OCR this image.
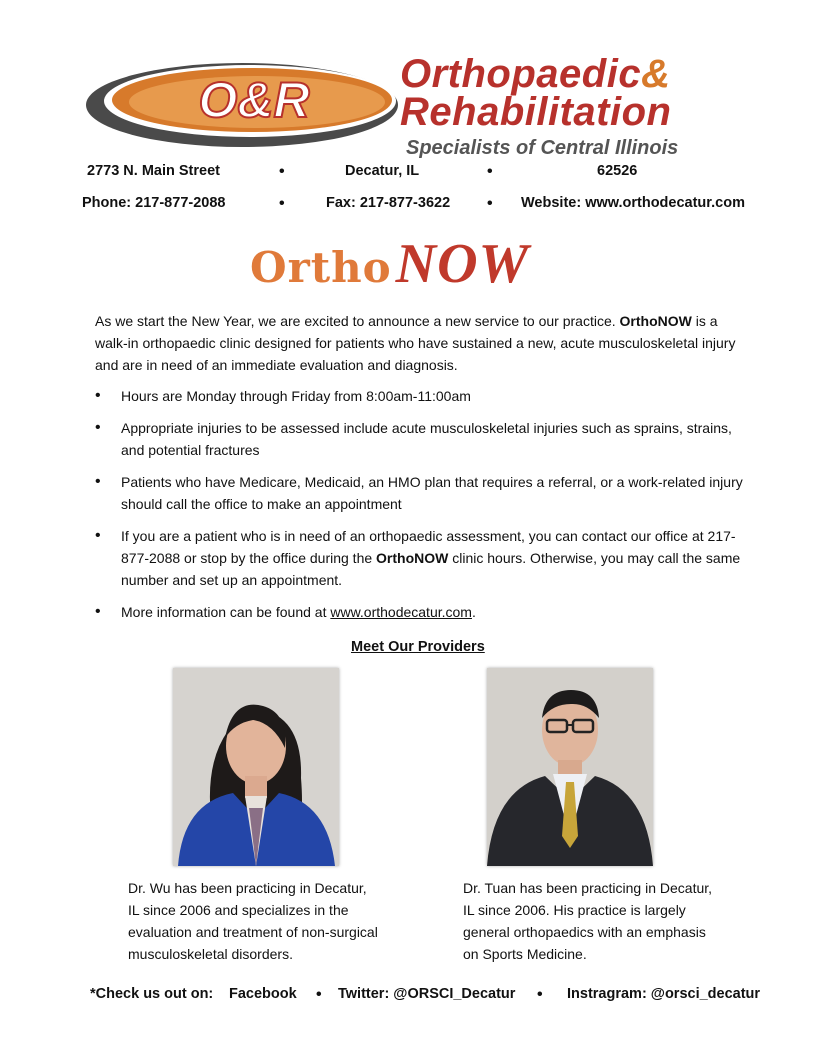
O&R Orthopaedic&
Rehabilitation
Specialists of Central Illinois
2773 N. Main Street	•	Decatur, IL	•	62526
Phone: 217-877-2088	•	Fax: 217-877-3622 • Website: www.orthodecatur.com
OrthoNOW
As we start the New Year, we are excited to announce a new service to our practice. OrthoNOW is a walk-in orthopaedic clinic designed for patients who have sustained a new, acute musculoskeletal injury and are in need of an immediate evaluation and diagnosis.
• Hours are Monday through Friday from 8:00am-11:00am
• Appropriate injuries to be assessed include acute musculoskeletal injuries such as sprains, strains, and potential fractures
• Patients who have Medicare, Medicaid, an HMO plan that requires a referral, or a work-related injury should call the office to make an appointment
• If you are a patient who is in need of an orthopaedic assessment, you can contact our office at 217-877-2088 or stop by the office during the OrthoNOW clinic hours. Otherwise, you may call the same number and set up an appointment.
• More information can be found at www.orthodecatur.com.
Meet Our Providers
Dr. Wu has been practicing in Decatur, IL since 2006 and specializes in the evaluation and treatment of non-surgical musculoskeletal disorders.
Dr. Tuan has been practicing in Decatur, IL since 2006. His practice is largely general orthopaedics with an emphasis on Sports Medicine.
*Check us out on: Facebook • Twitter: @ORSCI_Decatur • Instragram: @orsci_decatur
